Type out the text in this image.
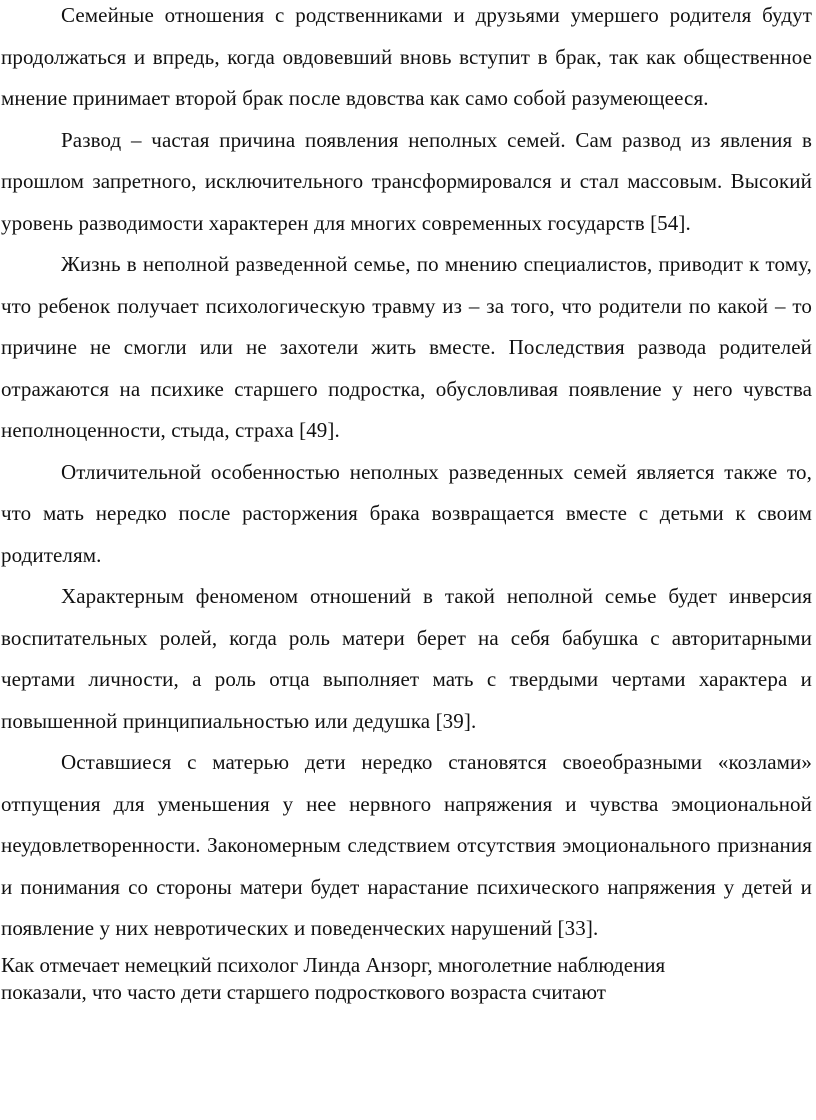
Семейные отношения с родственниками и друзьями умершего родителя будут продолжаться и впредь, когда овдовевший вновь вступит в брак, так как общественное мнение принимает второй брак после вдовства как само собой разумеющееся.

Развод – частая причина появления неполных семей. Сам развод из явления в прошлом запретного, исключительного трансформировался и стал массовым. Высокий уровень разводимости характерен для многих современных государств [54].

Жизнь в неполной разведенной семье, по мнению специалистов, приводит к тому, что ребенок получает психологическую травму из – за того, что родители по какой – то причине не смогли или не захотели жить вместе. Последствия развода родителей отражаются на психике старшего подростка, обусловливая появление у него чувства неполноценности, стыда, страха [49].

Отличительной особенностью неполных разведенных семей является также то, что мать нередко после расторжения брака возвращается вместе с детьми к своим родителям.

Характерным феноменом отношений в такой неполной семье будет инверсия воспитательных ролей, когда роль матери берет на себя бабушка с авторитарными чертами личности, а роль отца выполняет мать с твердыми чертами характера и повышенной принципиальностью или дедушка [39].

Оставшиеся с матерью дети нередко становятся своеобразными «козлами» отпущения для уменьшения у нее нервного напряжения и чувства эмоциональной неудовлетворенности. Закономерным следствием отсутствия эмоционального признания и понимания со стороны матери будет нарастание психического напряжения у детей и появление у них невротических и поведенческих нарушений [33].

Как отмечает немецкий психолог Линда Анзорг, многолетние наблюдения
показали, что часто дети старшего подросткового возраста считают
